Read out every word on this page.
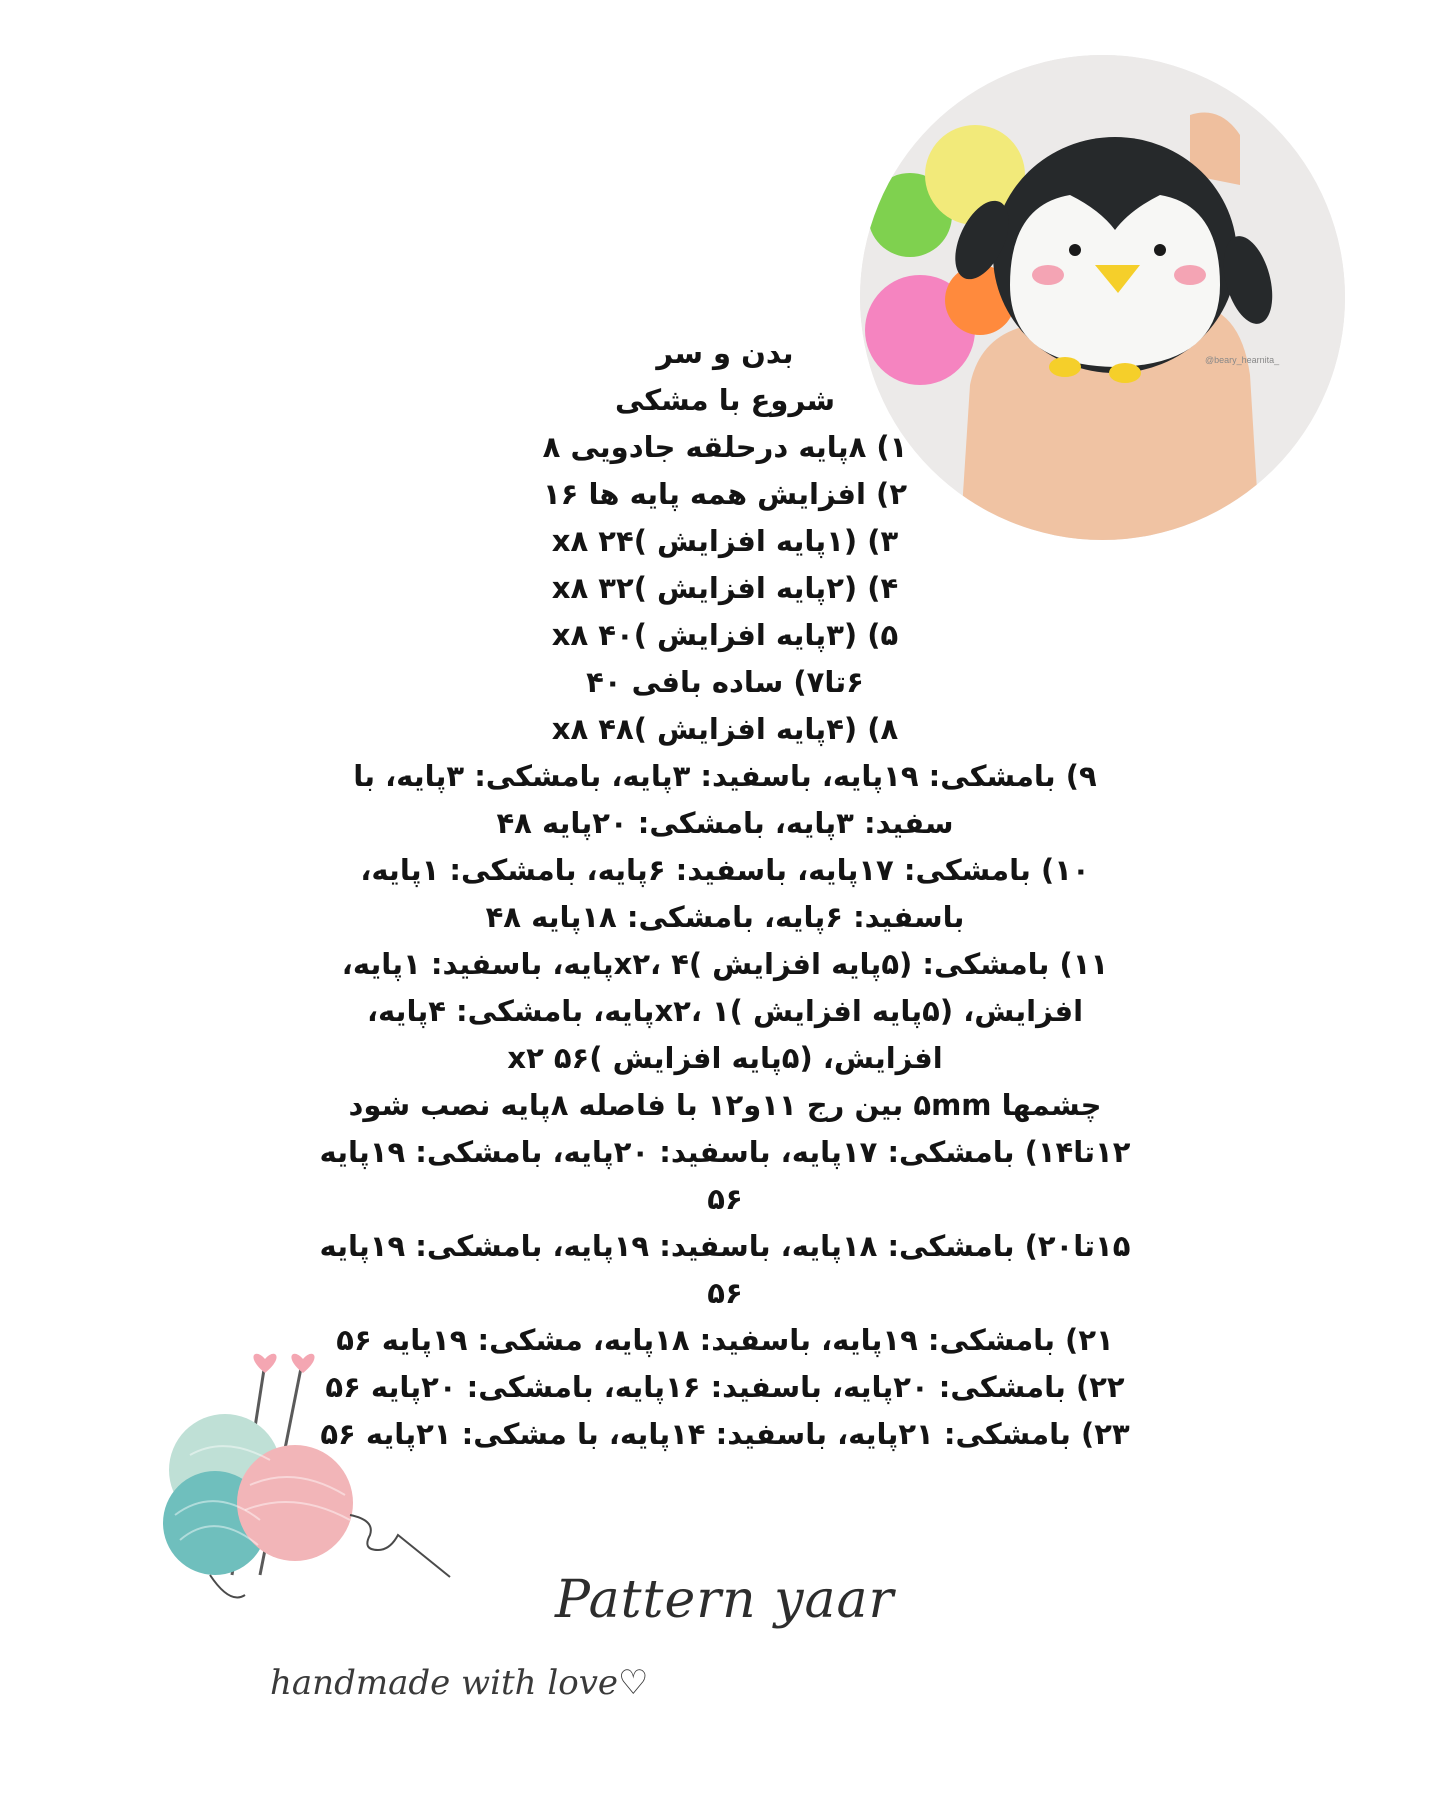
@beary_hearnita_
بدن و سر
شروع با مشکی
۱) ۸پایه درحلقه جادویی ۸
۲) افزایش همه پایه ها ۱۶
۳) (۱پایه افزایش )x۸ ۲۴
۴) (۲پایه افزایش )x۸ ۳۲
۵) (۳پایه افزایش )x۸ ۴۰
۶تا۷) ساده بافی ۴۰
۸) (۴پایه افزایش )x۸ ۴۸
۹) بامشکی: ۱۹پایه، باسفید: ۳پایه، بامشکی: ۳پایه، با
سفید: ۳پایه، بامشکی: ۲۰پایه ۴۸
۱۰) بامشکی: ۱۷پایه، باسفید: ۶پایه، بامشکی: ۱پایه،
باسفید: ۶پایه، بامشکی: ۱۸پایه ۴۸
۱۱) بامشکی: (۵پایه افزایش )x۲، ۴پایه، باسفید: ۱پایه،
افزایش، (۵پایه افزایش )x۲، ۱پایه، بامشکی: ۴پایه،
افزایش، (۵پایه افزایش )x۲ ۵۶
چشمها ۵mm بین رج ۱۱و۱۲ با فاصله ۸پایه نصب شود
۱۲تا۱۴) بامشکی: ۱۷پایه، باسفید: ۲۰پایه، بامشکی: ۱۹پایه
۵۶
۱۵تا۲۰) بامشکی: ۱۸پایه، باسفید: ۱۹پایه، بامشکی: ۱۹پایه
۵۶
۲۱) بامشکی: ۱۹پایه، باسفید: ۱۸پایه، مشکی: ۱۹پایه ۵۶
۲۲) بامشکی: ۲۰پایه، باسفید: ۱۶پایه، بامشکی: ۲۰پایه ۵۶
۲۳) بامشکی: ۲۱پایه، باسفید: ۱۴پایه، با مشکی: ۲۱پایه ۵۶
Pattern yaar
handmade with love♡
